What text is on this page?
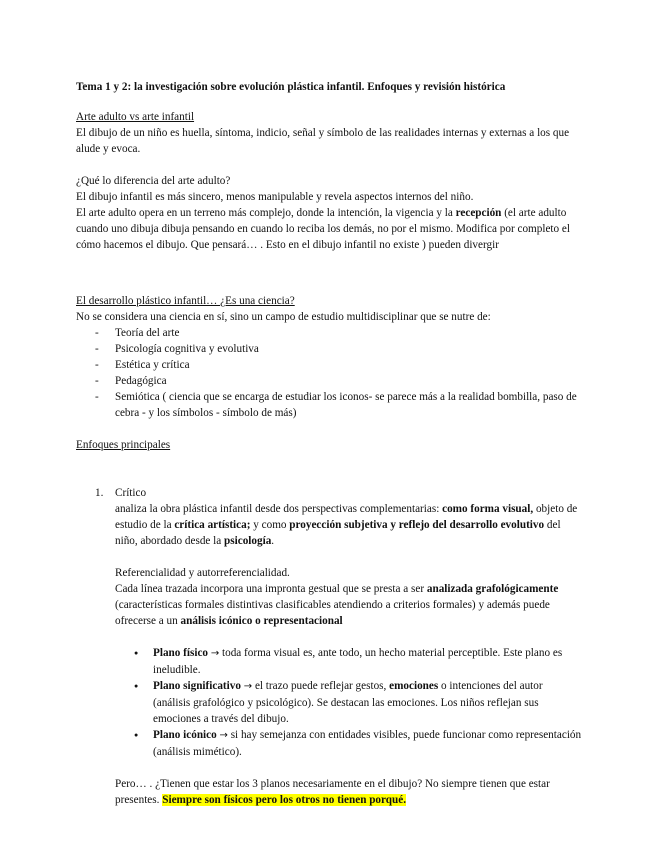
Tema 1 y 2: la investigación sobre evolución plástica infantil. Enfoques y revisión histórica

Arte adulto vs arte infantil

El dibujo de un niño es huella, síntoma, indicio, señal y símbolo de las realidades internas y externas a los que alude y evoca.

¿Qué lo diferencia del arte adulto?

El dibujo infantil es más sincero, menos manipulable y revela aspectos internos del niño.

El arte adulto opera en un terreno más complejo, donde la intención, la vigencia y la recepción (el arte adulto cuando uno dibuja dibuja pensando en cuando lo reciba los demás, no por el mismo. Modifica por completo el cómo hacemos el dibujo. Que pensará… . Esto en el dibujo infantil no existe ) pueden divergir

El desarrollo plástico infantil… ¿Es una ciencia?

No se considera una ciencia en sí, sino un campo de estudio multidisciplinar que se nutre de:

- Teoría del arte
- Psicología cognitiva y evolutiva
- Estética y crítica
- Pedagógica
- Semiótica ( ciencia que se encarga de estudiar los iconos- se parece más a la realidad bombilla, paso de cebra - y los símbolos - símbolo de más)

Enfoques principales

1. Crítico

analiza la obra plástica infantil desde dos perspectivas complementarias: como forma visual, objeto de estudio de la crítica artística; y como proyección subjetiva y reflejo del desarrollo evolutivo del niño, abordado desde la psicología.

Referencialidad y autorreferencialidad.

Cada línea trazada incorpora una impronta gestual que se presta a ser analizada grafológicamente (características formales distintivas clasificables atendiendo a criterios formales) y además puede ofrecerse a un análisis icónico o representacional

● Plano físico → toda forma visual es, ante todo, un hecho material perceptible. Este plano es ineludible.
● Plano significativo → el trazo puede reflejar gestos, emociones o intenciones del autor (análisis grafológico y psicológico). Se destacan las emociones. Los niños reflejan sus emociones a través del dibujo.
● Plano icónico → si hay semejanza con entidades visibles, puede funcionar como representación (análisis mimético).

Pero… . ¿Tienen que estar los 3 planos necesariamente en el dibujo? No siempre tienen que estar presentes. Siempre son físicos pero los otros no tienen porqué.
